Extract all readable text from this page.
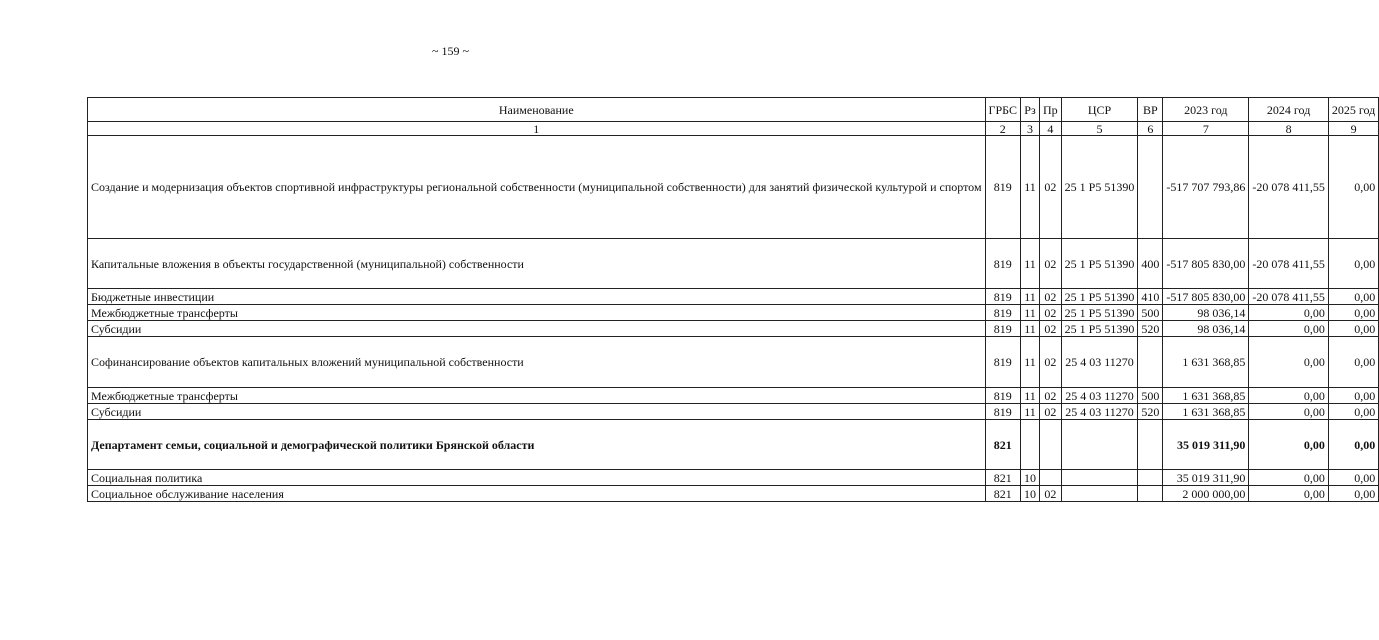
~ 159 ~
Наименование	ГРБС	Рз	Пр	ЦСР	ВР	2023 год	2024 год	2025 год
1	2	3	4	5	6	7	8	9
Создание и модернизация объектов спортивной инфраструктуры региональной собственности (муниципальной собственности) для занятий физической культурой и спортом	819	11	02	25 1 P5 51390		-517 707 793,86	-20 078 411,55	0,00
Капитальные вложения в объекты государственной (муниципальной) собственности	819	11	02	25 1 P5 51390	400	-517 805 830,00	-20 078 411,55	0,00
Бюджетные инвестиции	819	11	02	25 1 P5 51390	410	-517 805 830,00	-20 078 411,55	0,00
Межбюджетные трансферты	819	11	02	25 1 P5 51390	500	98 036,14	0,00	0,00
Субсидии	819	11	02	25 1 P5 51390	520	98 036,14	0,00	0,00
Софинансирование объектов капитальных вложений муниципальной собственности	819	11	02	25 4 03 11270		1 631 368,85	0,00	0,00
Межбюджетные трансферты	819	11	02	25 4 03 11270	500	1 631 368,85	0,00	0,00
Субсидии	819	11	02	25 4 03 11270	520	1 631 368,85	0,00	0,00
Департамент семьи, социальной и демографической политики Брянской области	821					35 019 311,90	0,00	0,00
Социальная политика	821	10				35 019 311,90	0,00	0,00
Социальное обслуживание населения	821	10	02			2 000 000,00	0,00	0,00
